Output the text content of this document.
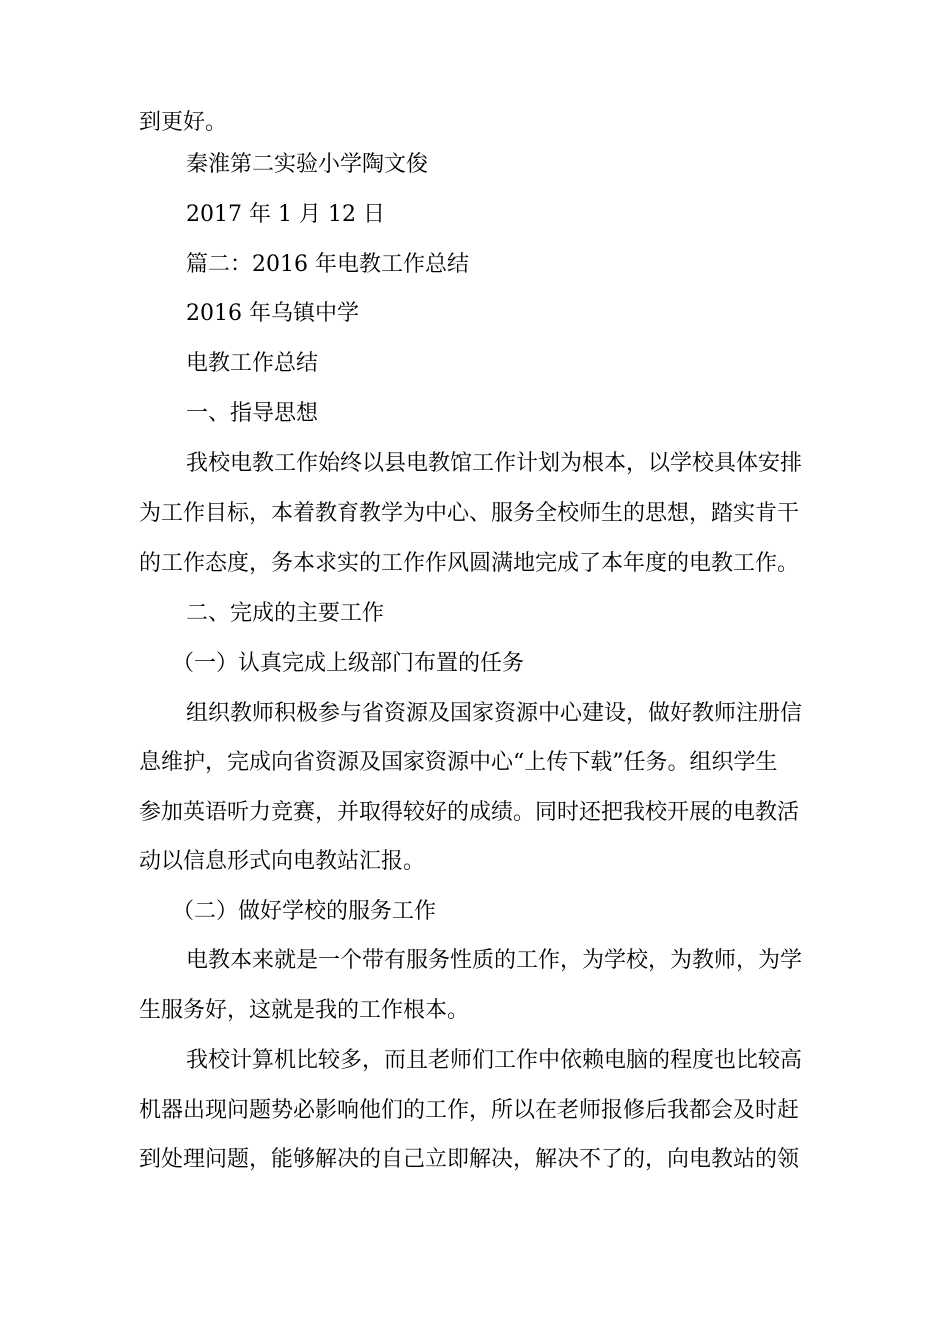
到更好。
秦淮第二实验小学陶文俊
2017 年 1 月 12 日
篇二：2016 年电教工作总结
2016 年乌镇中学
电教工作总结
一、指导思想
我校电教工作始终以县电教馆工作计划为根本，以学校具体安排
为工作目标，本着教育教学为中心、服务全校师生的思想，踏实肯干
的工作态度，务本求实的工作作风圆满地完成了本年度的电教工作。
二、完成的主要工作
（一）认真完成上级部门布置的任务
组织教师积极参与省资源及国家资源中心建设，做好教师注册信
息维护，完成向省资源及国家资源中心“上传下载”任务。组织学生
参加英语听力竞赛，并取得较好的成绩。同时还把我校开展的电教活
动以信息形式向电教站汇报。
（二）做好学校的服务工作
电教本来就是一个带有服务性质的工作，为学校，为教师，为学
生服务好，这就是我的工作根本。
我校计算机比较多，而且老师们工作中依赖电脑的程度也比较高
机器出现问题势必影响他们的工作，所以在老师报修后我都会及时赶
到处理问题，能够解决的自己立即解决，解决不了的，向电教站的领
